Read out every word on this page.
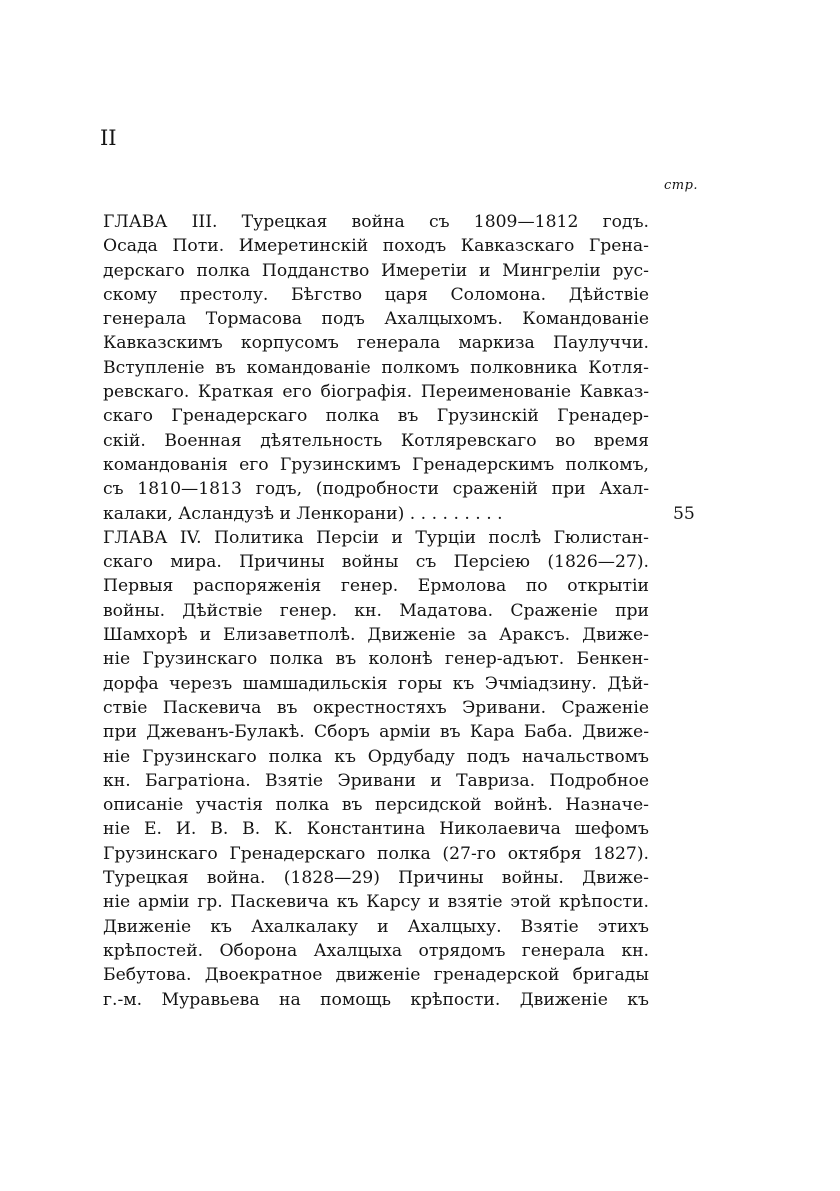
II
стр.
ГЛАВА III. Турецкая война съ 1809—1812 годъ.
Осада Поти. Имеретинскій походъ Кавказскаго Грена-
дерскаго полка Подданство Имеретіи и Мингреліи рус-
скому престолу. Бѣгство царя Соломона. Дѣйствіе
генерала Тормасова подъ Ахалцыхомъ. Командованіе
Кавказскимъ корпусомъ генерала маркиза Паулуччи.
Вступленіе въ командованіе полкомъ полковника Котля-
ревскаго. Краткая его біографія. Переименованіе Кавказ-
скаго Гренадерскаго полка въ Грузинскій Гренадер-
скій. Военная дѣятельность Котляревскаго во время
командованія его Грузинскимъ Гренадерскимъ полкомъ,
съ 1810—1813 годъ, (подробности сраженій при Ахал-
калаки, Асландузѣ и Ленкорани) . . . . . . . . .	55
ГЛАВА IV. Политика Персіи и Турціи послѣ Гюлистан-
скаго мира. Причины войны съ Персіею (1826—27).
Первыя распоряженія генер. Ермолова по открытіи
войны. Дѣйствіе генер. кн. Мадатова. Сраженіе при
Шамхорѣ и Елизаветполѣ. Движеніе за Араксъ. Движе-
ніе Грузинскаго полка въ колонѣ генер-адъют. Бенкен-
дорфа черезъ шамшадильскія горы къ Эчміадзину. Дѣй-
ствіе Паскевича въ окрестностяхъ Эривани. Сраженіе
при Джеванъ-Булакѣ. Сборъ арміи въ Кара Баба. Движе-
ніе Грузинскаго полка къ Ордубаду подъ начальствомъ
кн. Багратіона. Взятіе Эривани и Тавриза. Подробное
описаніе участія полка въ персидской войнѣ. Назначе-
ніе Е. И. В. В. К. Константина Николаевича шефомъ
Грузинскаго Гренадерскаго полка (27-го октября 1827).
Турецкая война. (1828—29) Причины войны. Движе-
ніе арміи гр. Паскевича къ Карсу и взятіе этой крѣпости.
Движеніе къ Ахалкалаку и Ахалцыху. Взятіе этихъ
крѣпостей. Оборона Ахалцыха отрядомъ генерала кн.
Бебутова. Двоекратное движеніе гренадерской бригады
г.-м. Муравьева на помощь крѣпости. Движеніе къ
